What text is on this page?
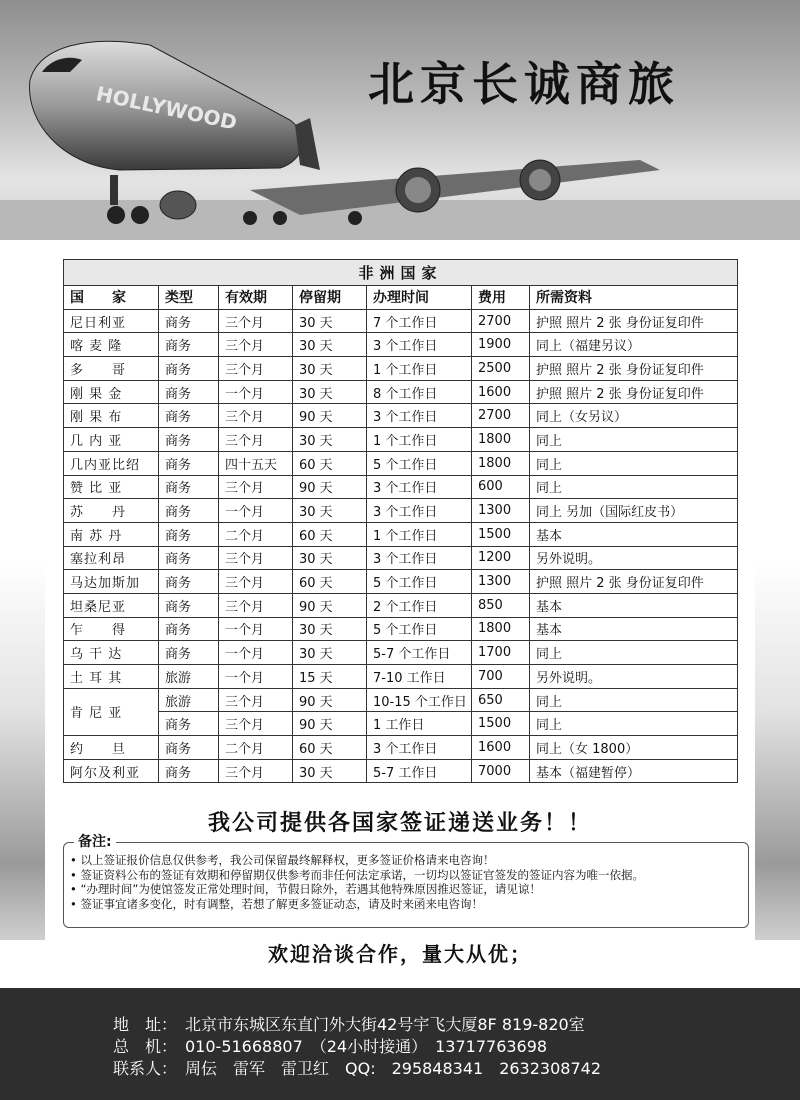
HOLLYWOOD	北京长诚商旅
非洲国家						
国　　家	类型	有效期	停留期	办理时间	费用	所需资料
尼日利亚	商务	三个月	30 天	7 个工作日	2700	护照 照片 2 张 身份证复印件
喀 麦 隆	商务	三个月	30 天	3 个工作日	1900	同上（福建另议）
多　　哥	商务	三个月	30 天	1 个工作日	2500	护照 照片 2 张 身份证复印件
刚 果 金	商务	一个月	30 天	8 个工作日	1600	护照 照片 2 张 身份证复印件
刚 果 布	商务	三个月	90 天	3 个工作日	2700	同上（女另议）
几 内 亚	商务	三个月	30 天	1 个工作日	1800	同上
几内亚比绍	商务	四十五天	60 天	5 个工作日	1800	同上
赞 比 亚	商务	三个月	90 天	3 个工作日	600	同上
苏　　丹	商务	一个月	30 天	3 个工作日	1300	同上 另加（国际红皮书）
南 苏 丹	商务	二个月	60 天	1 个工作日	1500	基本
塞拉利昂	商务	三个月	30 天	3 个工作日	1200	另外说明。
马达加斯加	商务	三个月	60 天	5 个工作日	1300	护照 照片 2 张 身份证复印件
坦桑尼亚	商务	三个月	90 天	2 个工作日	850	基本
乍　　得	商务	一个月	30 天	5 个工作日	1800	基本
乌 干 达	商务	一个月	30 天	5-7 个工作日	1700	同上
土 耳 其	旅游	一个月	15 天	7-10 工作日	700	另外说明。
肯 尼 亚	旅游	三个月	90 天	10-15 个工作日	650	同上
	商务	三个月	90 天	1 工作日	1500	同上
约　　旦	商务	二个月	60 天	3 个工作日	1600	同上（女 1800）
阿尔及利亚	商务	三个月	30 天	5-7 工作日	7000	基本（福建暂停）
我公司提供各国家签证递送业务！！
备注:
• 以上签证报价信息仅供参考，我公司保留最终解释权，更多签证价格请来电咨询！
• 签证资料公布的签证有效期和停留期仅供参考而非任何法定承诺，一切均以签证官签发的签证内容为唯一依据。
• “办理时间”为使馆签发正常处理时间，节假日除外，若遇其他特殊原因推迟签证，请见谅！
• 签证事宜诸多变化，时有调整，若想了解更多签证动态，请及时来函来电咨询！
欢迎洽谈合作，量大从优；
地　址： 北京市东城区东直门外大街42号宇飞大厦8F 819-820室
总　机： 010-51668807　（24小时接通）　13717763698
联系人： 周伝　雷军　雷卫红　QQ:　295848341　2632308742
